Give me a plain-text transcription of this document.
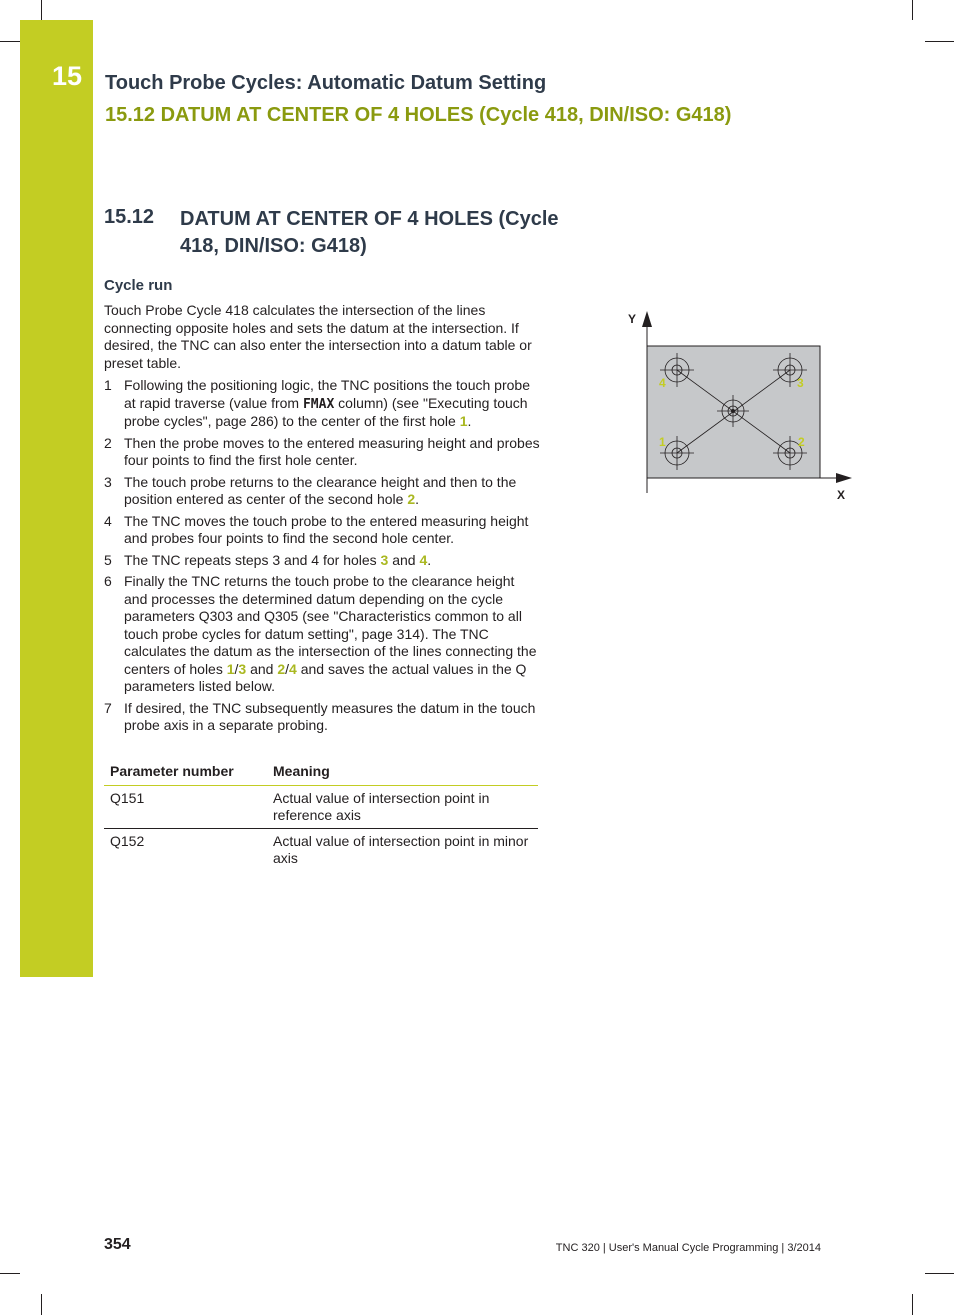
15 Touch Probe Cycles: Automatic Datum Setting
15.12 DATUM AT CENTER OF 4 HOLES (Cycle 418, DIN/ISO: G418)
15.12 DATUM AT CENTER OF 4 HOLES (Cycle 418, DIN/ISO: G418)
Cycle run
Touch Probe Cycle 418 calculates the intersection of the lines connecting opposite holes and sets the datum at the intersection. If desired, the TNC can also enter the intersection into a datum table or preset table.
1 Following the positioning logic, the TNC positions the touch probe at rapid traverse (value from FMAX column) (see "Executing touch probe cycles", page 286) to the center of the first hole 1.
2 Then the probe moves to the entered measuring height and probes four points to find the first hole center.
3 The touch probe returns to the clearance height and then to the position entered as center of the second hole 2.
4 The TNC moves the touch probe to the entered measuring height and probes four points to find the second hole center.
5 The TNC repeats steps 3 and 4 for holes 3 and 4.
6 Finally the TNC returns the touch probe to the clearance height and processes the determined datum depending on the cycle parameters Q303 and Q305 (see "Characteristics common to all touch probe cycles for datum setting", page 314). The TNC calculates the datum as the intersection of the lines connecting the centers of holes 1/3 and 2/4 and saves the actual values in the Q parameters listed below.
7 If desired, the TNC subsequently measures the datum in the touch probe axis in a separate probing.
Parameter number	Meaning
Q151	Actual value of intersection point in reference axis
Q152	Actual value of intersection point in minor axis
Y
X
4	3
1	2
354	TNC 320 | User's Manual Cycle Programming | 3/2014
